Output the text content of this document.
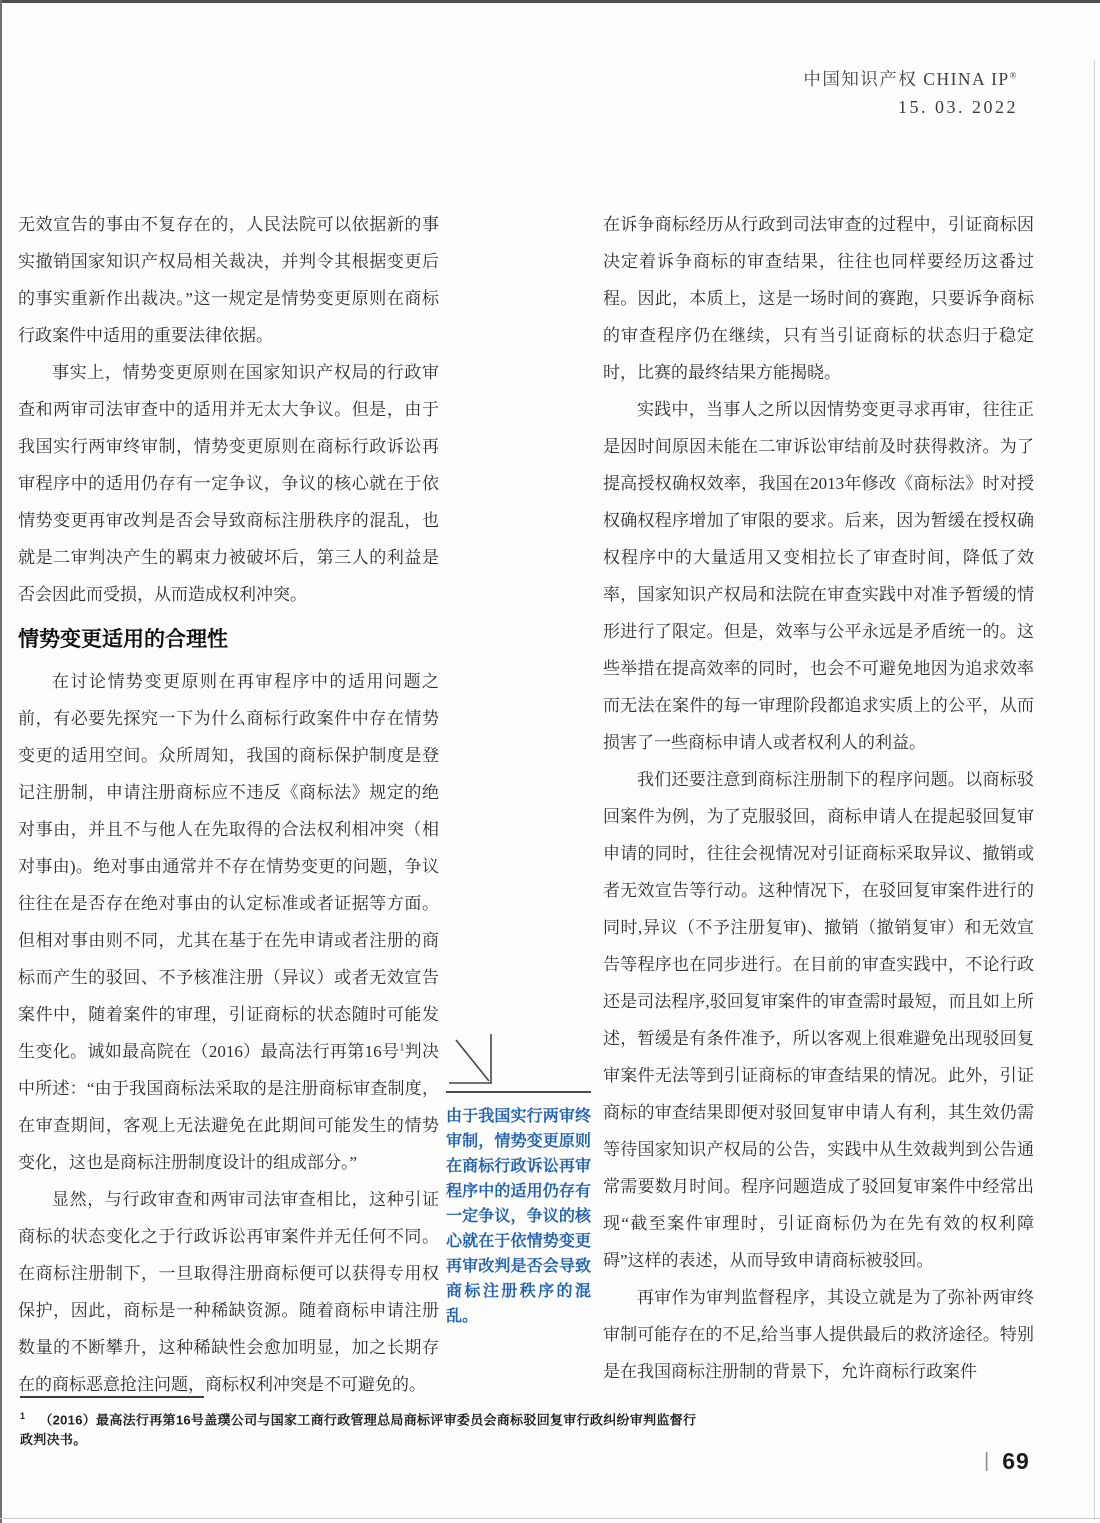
中国知识产权 CHINA IP®
15. 03. 2022

无效宣告的事由不复存在的，人民法院可以依据新的事实撤销国家知识产权局相关裁决，并判令其根据变更后的事实重新作出裁决。”这一规定是情势变更原则在商标行政案件中适用的重要法律依据。

事实上，情势变更原则在国家知识产权局的行政审查和两审司法审查中的适用并无太大争议。但是，由于我国实行两审终审制，情势变更原则在商标行政诉讼再审程序中的适用仍存有一定争议，争议的核心就在于依情势变更再审改判是否会导致商标注册秩序的混乱，也就是二审判决产生的羁束力被破坏后，第三人的利益是否会因此而受损，从而造成权利冲突。

情势变更适用的合理性

在讨论情势变更原则在再审程序中的适用问题之前，有必要先探究一下为什么商标行政案件中存在情势变更的适用空间。众所周知，我国的商标保护制度是登记注册制，申请注册商标应不违反《商标法》规定的绝对事由，并且不与他人在先取得的合法权利相冲突（相对事由)。绝对事由通常并不存在情势变更的问题，争议往往在是否存在绝对事由的认定标准或者证据等方面。但相对事由则不同，尤其在基于在先申请或者注册的商标而产生的驳回、不予核准注册（异议）或者无效宣告案件中，随着案件的审理，引证商标的状态随时可能发生变化。诚如最高院在（2016）最高法行再第16号$^1$判决中所述：“由于我国商标法采取的是注册商标审查制度，在审查期间，客观上无法避免在此期间可能发生的情势变化，这也是商标注册制度设计的组成部分。”

显然，与行政审查和两审司法审查相比，这种引证商标的状态变化之于行政诉讼再审案件并无任何不同。在商标注册制下，一旦取得注册商标便可以获得专用权保护，因此，商标是一种稀缺资源。随着商标申请注册数量的不断攀升，这种稀缺性会愈加明显，加之长期存在的商标恶意抢注问题，商标权利冲突是不可避免的。

由于我国实行两审终审制，情势变更原则在商标行政诉讼再审程序中的适用仍存有一定争议，争议的核心就在于依情势变更再审改判是否会导致商标注册秩序的混乱。

在诉争商标经历从行政到司法审查的过程中，引证商标因决定着诉争商标的审查结果，往往也同样要经历这番过程。因此，本质上，这是一场时间的赛跑，只要诉争商标的审查程序仍在继续，只有当引证商标的状态归于稳定时，比赛的最终结果方能揭晓。

实践中，当事人之所以因情势变更寻求再审，往往正是因时间原因未能在二审诉讼审结前及时获得救济。为了提高授权确权效率，我国在2013年修改《商标法》时对授权确权程序增加了审限的要求。后来，因为暂缓在授权确权程序中的大量适用又变相拉长了审查时间，降低了效率，国家知识产权局和法院在审查实践中对准予暂缓的情形进行了限定。但是，效率与公平永远是矛盾统一的。这些举措在提高效率的同时，也会不可避免地因为追求效率而无法在案件的每一审理阶段都追求实质上的公平，从而损害了一些商标申请人或者权利人的利益。

我们还要注意到商标注册制下的程序问题。以商标驳回案件为例，为了克服驳回，商标申请人在提起驳回复审申请的同时，往往会视情况对引证商标采取异议、撤销或者无效宣告等行动。这种情况下，在驳回复审案件进行的同时,异议（不予注册复审)、撤销（撤销复审）和无效宣告等程序也在同步进行。在目前的审查实践中，不论行政还是司法程序,驳回复审案件的审查需时最短，而且如上所述，暂缓是有条件准予，所以客观上很难避免出现驳回复审案件无法等到引证商标的审查结果的情况。此外，引证商标的审查结果即便对驳回复审申请人有利，其生效仍需等待国家知识产权局的公告，实践中从生效裁判到公告通常需要数月时间。程序问题造成了驳回复审案件中经常出现“截至案件审理时，引证商标仍为在先有效的权利障碍”这样的表述，从而导致申请商标被驳回。

再审作为审判监督程序，其设立就是为了弥补两审终审制可能存在的不足,给当事人提供最后的救济途径。特别是在我国商标注册制的背景下，允许商标行政案件

$^1$ （2016）最高法行再第16号盖璞公司与国家工商行政管理总局商标评审委员会商标驳回复审行政纠纷审判监督行政判决书。
| 69
